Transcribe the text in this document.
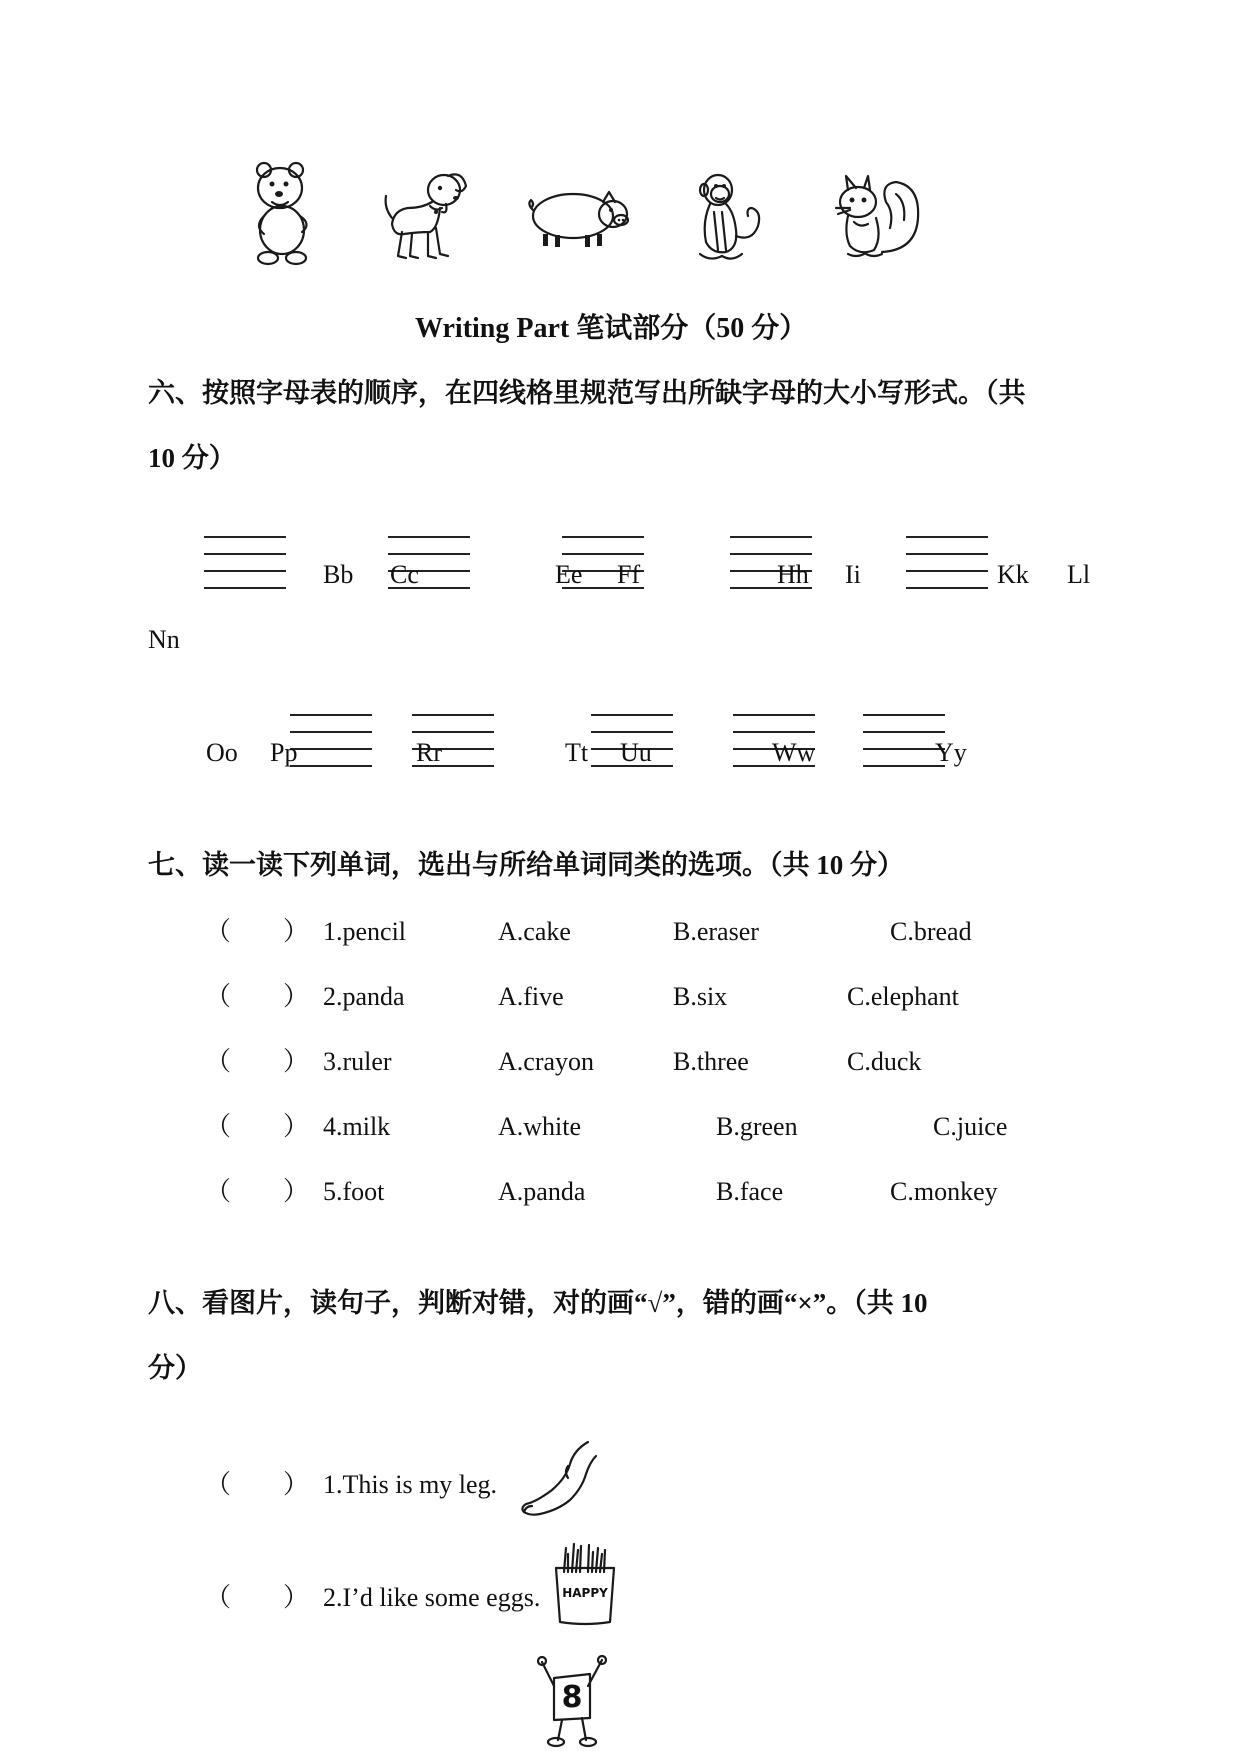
Writing Part 笔试部分（50 分）
六、按照字母表的顺序，在四线格里规范写出所缺字母的大小写形式。（共
10 分）
Bb Cc	Ee Ff	Hh Ii	Kk Ll
Nn
Oo Pp	Rr	Tt Uu	Ww	Yy
七、读一读下列单词，选出与所给单词同类的选项。（共 10 分）
（　　） 1.pencil	A.cake	B.eraser	C.bread
（　　） 2.panda	A.five	B.six	C.elephant
（　　） 3.ruler	A.crayon	B.three	C.duck
（　　） 4.milk	A.white	B.green	C.juice
（　　） 5.foot	A.panda	B.face	C.monkey
八、看图片，读句子，判断对错，对的画“√”，错的画“×”。（共 10
分）
（　　） 1.This is my leg.
（　　） 2.I’d like some eggs.	HAPPY
8
